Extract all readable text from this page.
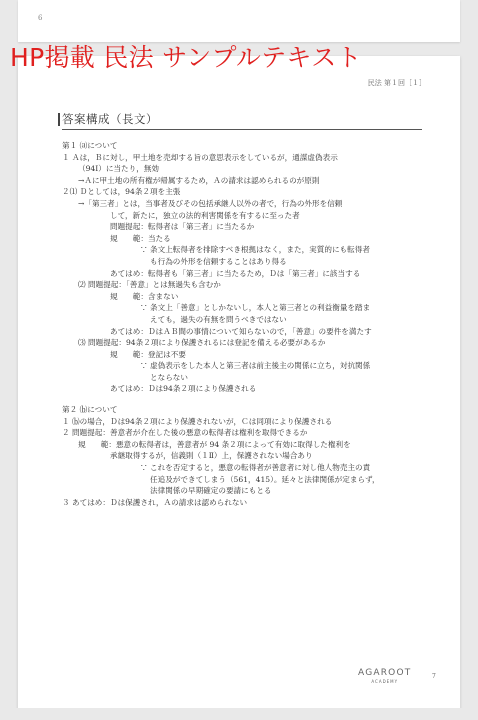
6
HP掲載 民法 サンプルテキスト
民法 第１回［１］
答案構成（長文）
第１ ⒜について
１ Ａは，Ｂに対し，甲土地を売却する旨の意思表示をしているが，通謀虚偽表示
（94Ⅰ）に当たり，無効
→Ａに甲土地の所有権が帰属するため，Ａの請求は認められるのが原則
２⑴ Ｄとしては，94条２項を主張
→「第三者」とは，当事者及びその包括承継人以外の者で，行為の外形を信頼
して，新たに，独立の法的利害関係を有するに至った者
問題提起：転得者は「第三者」に当たるか
規　　範：当たる
∵ 条文上転得者を排除すべき根拠はなく，また，実質的にも転得者
　 も行為の外形を信頼することはあり得る
あてはめ：転得者も「第三者」に当たるため，Ｄは「第三者」に該当する
⑵ 問題提起：「善意」とは無過失も含むか
規　　範：含まない
∵ 条文上「善意」としかないし，本人と第三者との利益衡量を踏ま
　 えても，過失の有無を問うべきではない
あてはめ：ＤはＡＢ間の事情について知らないので，「善意」の要件を満たす
⑶ 問題提起：94条２項により保護されるには登記を備える必要があるか
規　　範：登記は不要
∵ 虚偽表示をした本人と第三者は前主後主の関係に立ち，対抗関係
　 とならない
あてはめ：Ｄは94条２項により保護される
第２ ⒝について
１ ⒝の場合，Ｄは94条２項により保護されないが，Ｃは同項により保護される
２ 問題提起：善意者が介在した後の悪意の転得者は権利を取得できるか
規　　範：悪意の転得者は，善意者が 94 条２項によって有効に取得した権利を
承継取得するが，信義則（１Ⅱ）上，保護されない場合あり
∵ これを否定すると，悪意の転得者が善意者に対し他人物売主の責
　 任追及ができてしまう（561，415）。延々と法律関係が定まらず，
　 法律関係の早期確定の要請にもとる
３ あてはめ：Ｄは保護され，Ａの請求は認められない
AGAROOT
ACADEMY
7
